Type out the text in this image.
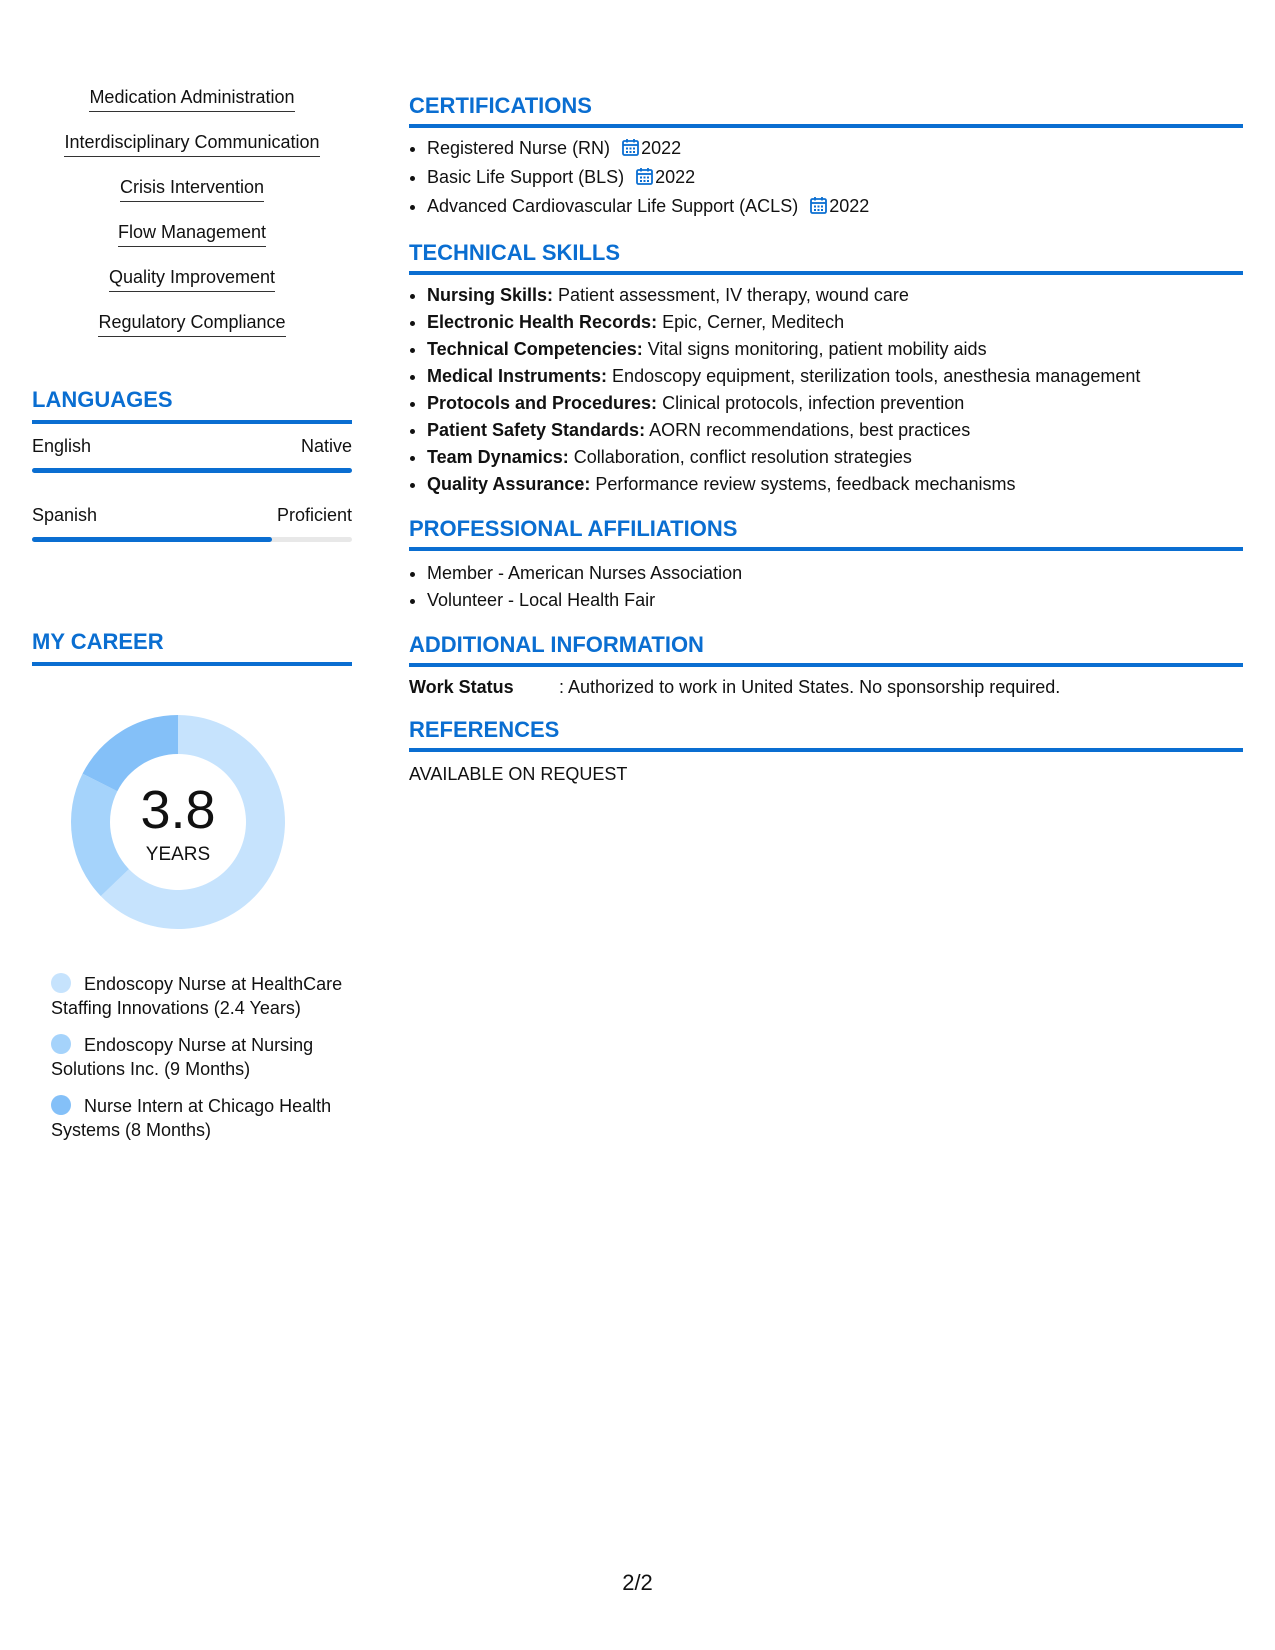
Medication Administration
Interdisciplinary Communication
Crisis Intervention
Flow Management
Quality Improvement
Regulatory Compliance
LANGUAGES
English	Native
Spanish	Proficient
MY CAREER
3.8
YEARS
Endoscopy Nurse at HealthCare Staffing Innovations (2.4 Years)
Endoscopy Nurse at Nursing Solutions Inc. (9 Months)
Nurse Intern at Chicago Health Systems (8 Months)
CERTIFICATIONS
• Registered Nurse (RN) 2022
• Basic Life Support (BLS) 2022
• Advanced Cardiovascular Life Support (ACLS) 2022
TECHNICAL SKILLS
• Nursing Skills: Patient assessment, IV therapy, wound care
• Electronic Health Records: Epic, Cerner, Meditech
• Technical Competencies: Vital signs monitoring, patient mobility aids
• Medical Instruments: Endoscopy equipment, sterilization tools, anesthesia management
• Protocols and Procedures: Clinical protocols, infection prevention
• Patient Safety Standards: AORN recommendations, best practices
• Team Dynamics: Collaboration, conflict resolution strategies
• Quality Assurance: Performance review systems, feedback mechanisms
PROFESSIONAL AFFILIATIONS
• Member - American Nurses Association
• Volunteer - Local Health Fair
ADDITIONAL INFORMATION
Work Status	: Authorized to work in United States. No sponsorship required.
REFERENCES
AVAILABLE ON REQUEST
2/2
